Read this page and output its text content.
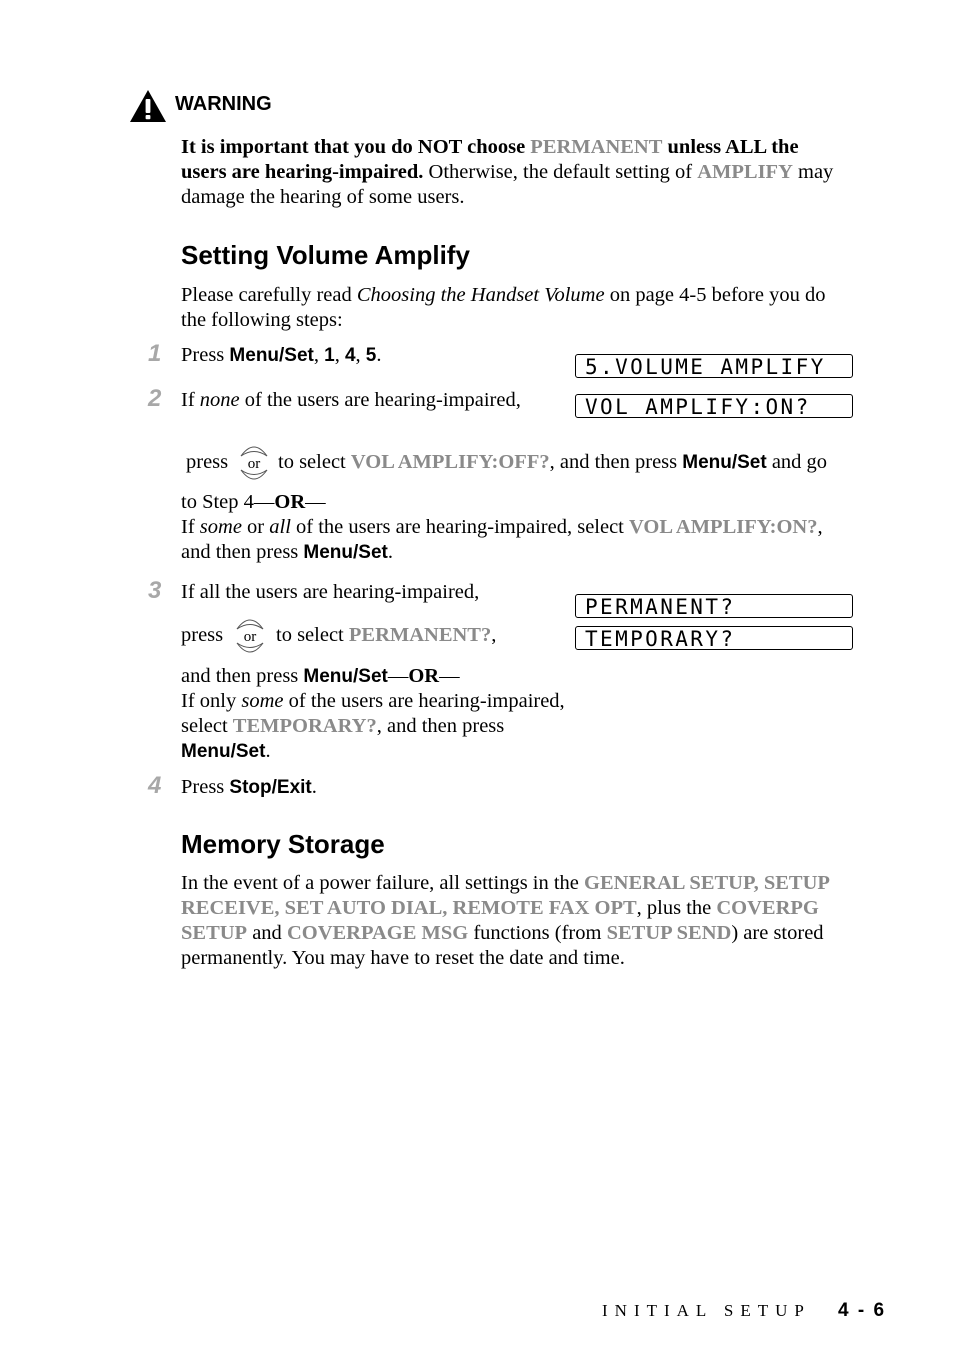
WARNING
It is important that you do NOT choose PERMANENT unless ALL the
users are hearing-impaired. Otherwise, the default setting of AMPLIFY may
damage the hearing of some users.
Setting Volume Amplify
Please carefully read Choosing the Handset Volume on page 4-5 before you do
the following steps:
1 Press Menu/Set, 1, 4, 5.	5.VOLUME AMPLIFY
VOL AMPLIFY:ON?
2 If none of the users are hearing-impaired,
press or to select VOL AMPLIFY:OFF?, and then press Menu/Set and go
to Step 4—OR—
If some or all of the users are hearing-impaired, select VOL AMPLIFY:ON?,
and then press Menu/Set.
3 If all the users are hearing-impaired,
press or to select PERMANENT?,
PERMANENT?
TEMPORARY?
and then press Menu/Set—OR—
If only some of the users are hearing-impaired,
select TEMPORARY?, and then press
Menu/Set.
4 Press Stop/Exit.
Memory Storage
In the event of a power failure, all settings in the GENERAL SETUP, SETUP
RECEIVE, SET AUTO DIAL, REMOTE FAX OPT, plus the COVERPG
SETUP and COVERPAGE MSG functions (from SETUP SEND) are stored
permanently. You may have to reset the date and time.
INITIAL SETUP 4 - 6
